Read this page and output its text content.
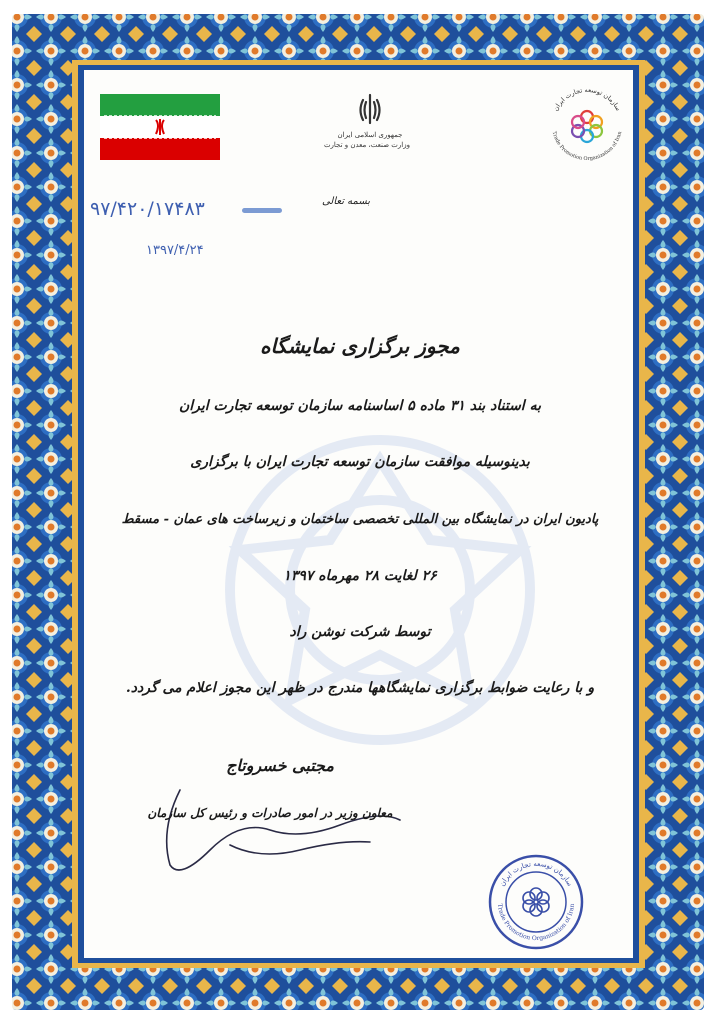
جمهوری اسلامی ایران
وزارت صنعت، معدن و تجارت
سازمان توسعه تجارت ایران
Trade Promotion Organization of Iran
بسمه تعالی
۹۷/۴۲۰/۱۷۴۸۳
۱۳۹۷/۴/۲۴
مجوز برگزاری نمایشگاه
به استناد بند ۳۱ ماده ۵ اساسنامه سازمان توسعه تجارت ایران
بدینوسیله موافقت سازمان توسعه تجارت ایران با برگزاری
پادیون ایران در نمایشگاه بین المللی تخصصی ساختمان و زیرساخت های عمان - مسقط
۲۶ لغایت ۲۸ مهرماه ۱۳۹۷
توسط شرکت نوشن راد
و با رعایت ضوابط برگزاری نمایشگاهها مندرج در ظهر این مجوز اعلام می گردد.
مجتبی خسروتاج
معاون وزیر در امور صادرات و رئیس کل سازمان
سازمان توسعه تجارت ایران
Trade Promotion Organization of Iran
